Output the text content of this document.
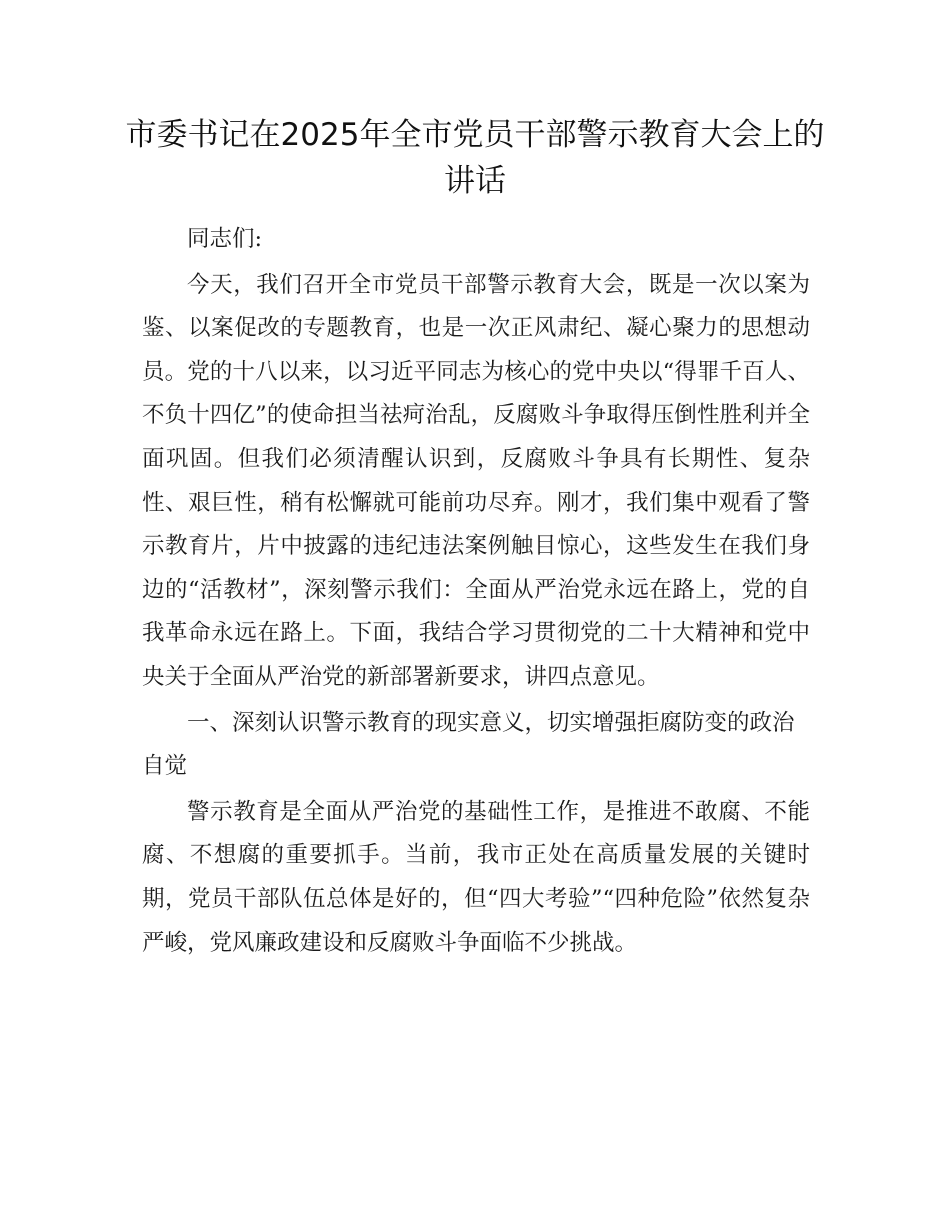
市委书记在2025年全市党员干部警示教育大会上的讲话

同志们:

今天，我们召开全市党员干部警示教育大会，既是一次以案为鉴、以案促改的专题教育，也是一次正风肃纪、凝心聚力的思想动员。党的十八以来，以习近平同志为核心的党中央以“得罪千百人、不负十四亿”的使命担当祛疴治乱，反腐败斗争取得压倒性胜利并全面巩固。但我们必须清醒认识到，反腐败斗争具有长期性、复杂性、艰巨性，稍有松懈就可能前功尽弃。刚才，我们集中观看了警示教育片，片中披露的违纪违法案例触目惊心，这些发生在我们身边的“活教材”，深刻警示我们：全面从严治党永远在路上，党的自我革命永远在路上。下面，我结合学习贯彻党的二十大精神和党中央关于全面从严治党的新部署新要求，讲四点意见。

一、深刻认识警示教育的现实意义，切实增强拒腐防变的政治自觉

警示教育是全面从严治党的基础性工作，是推进不敢腐、不能腐、不想腐的重要抓手。当前，我市正处在高质量发展的关键时期，党员干部队伍总体是好的，但“四大考验”“四种危险”依然复杂严峻，党风廉政建设和反腐败斗争面临不少挑战。
